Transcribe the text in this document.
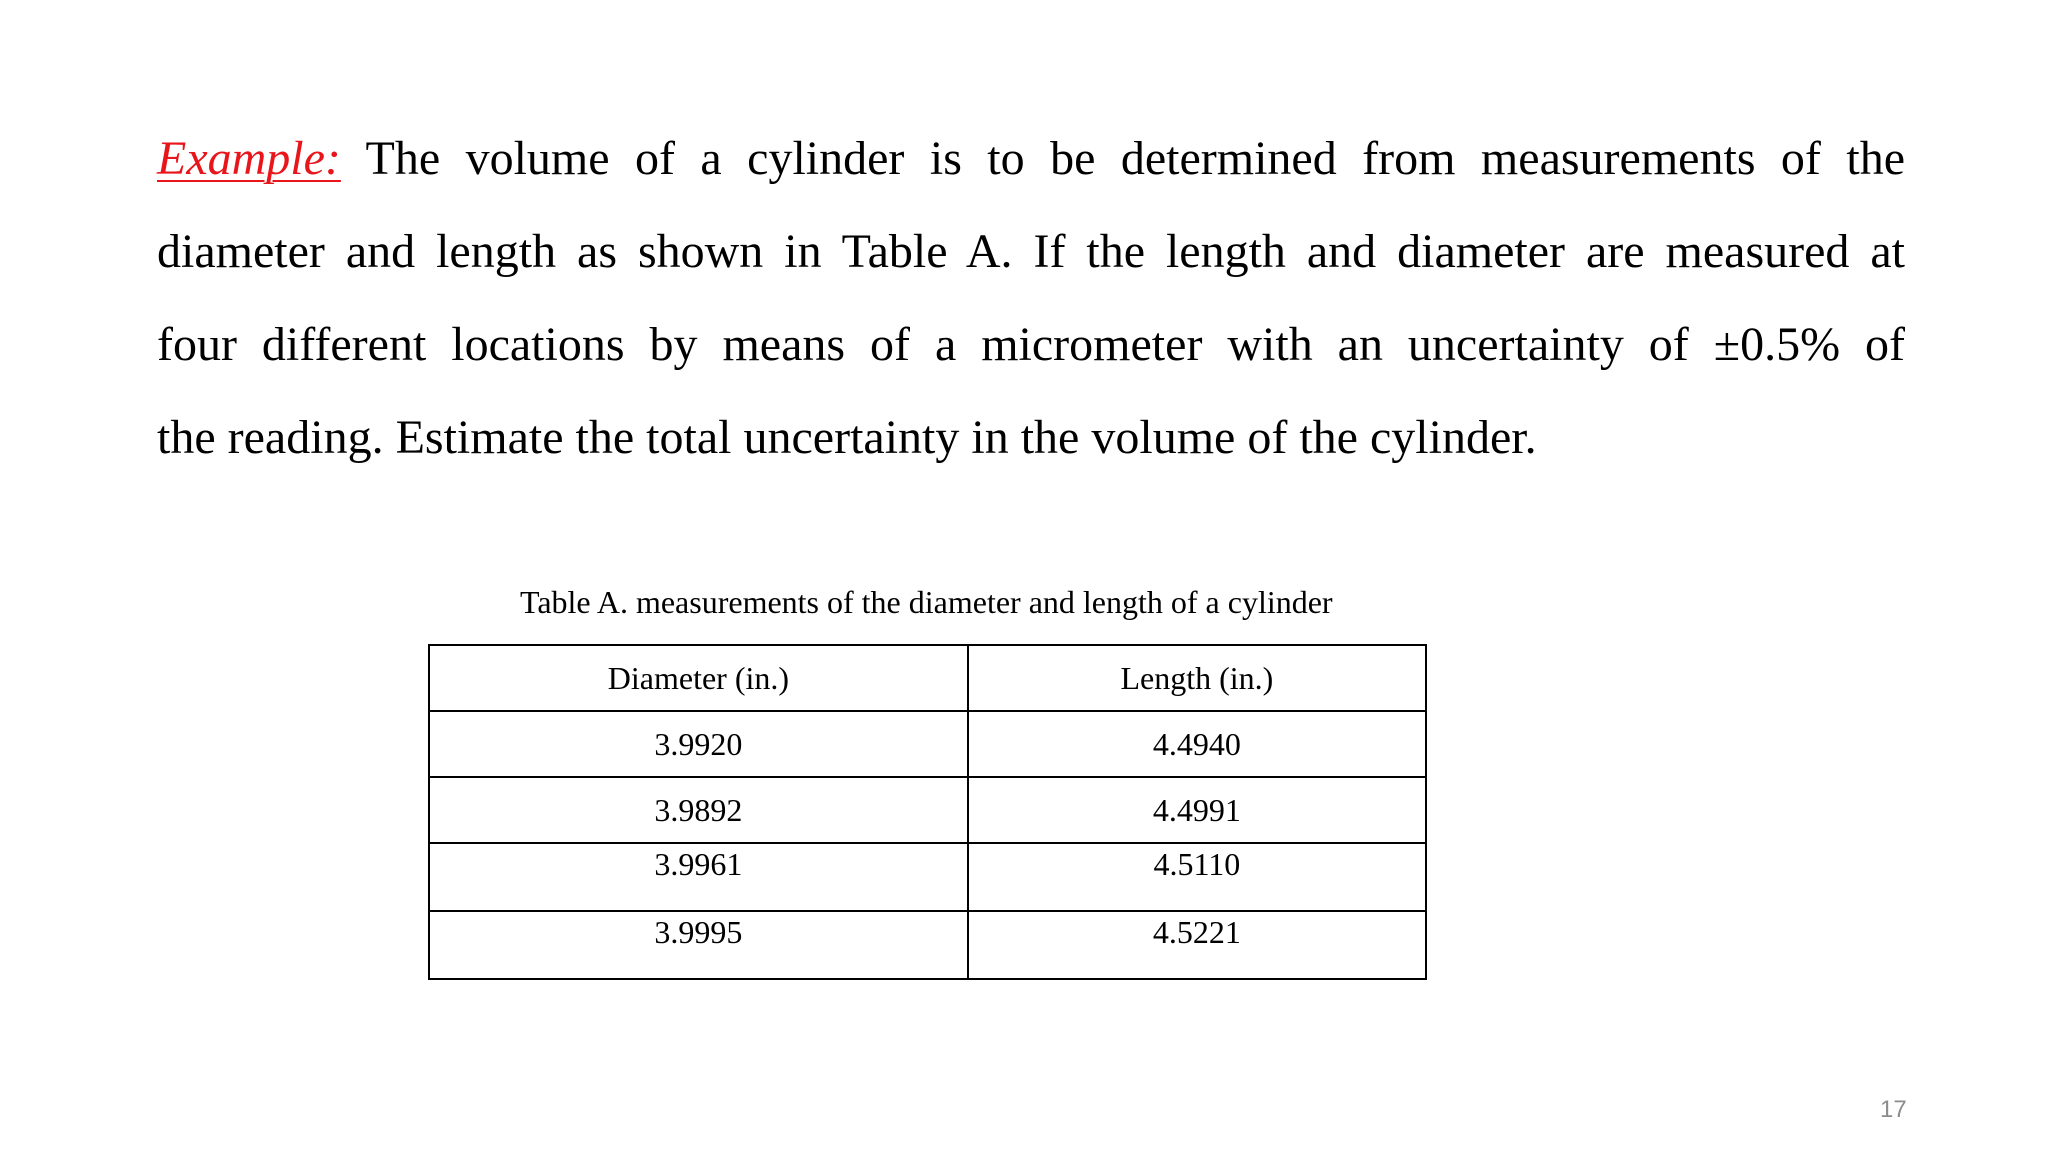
Example: The volume of a cylinder is to be determined from measurements of the
diameter and length as shown in Table A. If the length and diameter are measured at
four different locations by means of a micrometer with an uncertainty of ±0.5% of
the reading. Estimate the total uncertainty in the volume of the cylinder.
Table A. measurements of the diameter and length of a cylinder
Diameter (in.)	Length (in.)
3.9920	4.4940
3.9892	4.4991
3.9961	4.5110
3.9995	4.5221
17
